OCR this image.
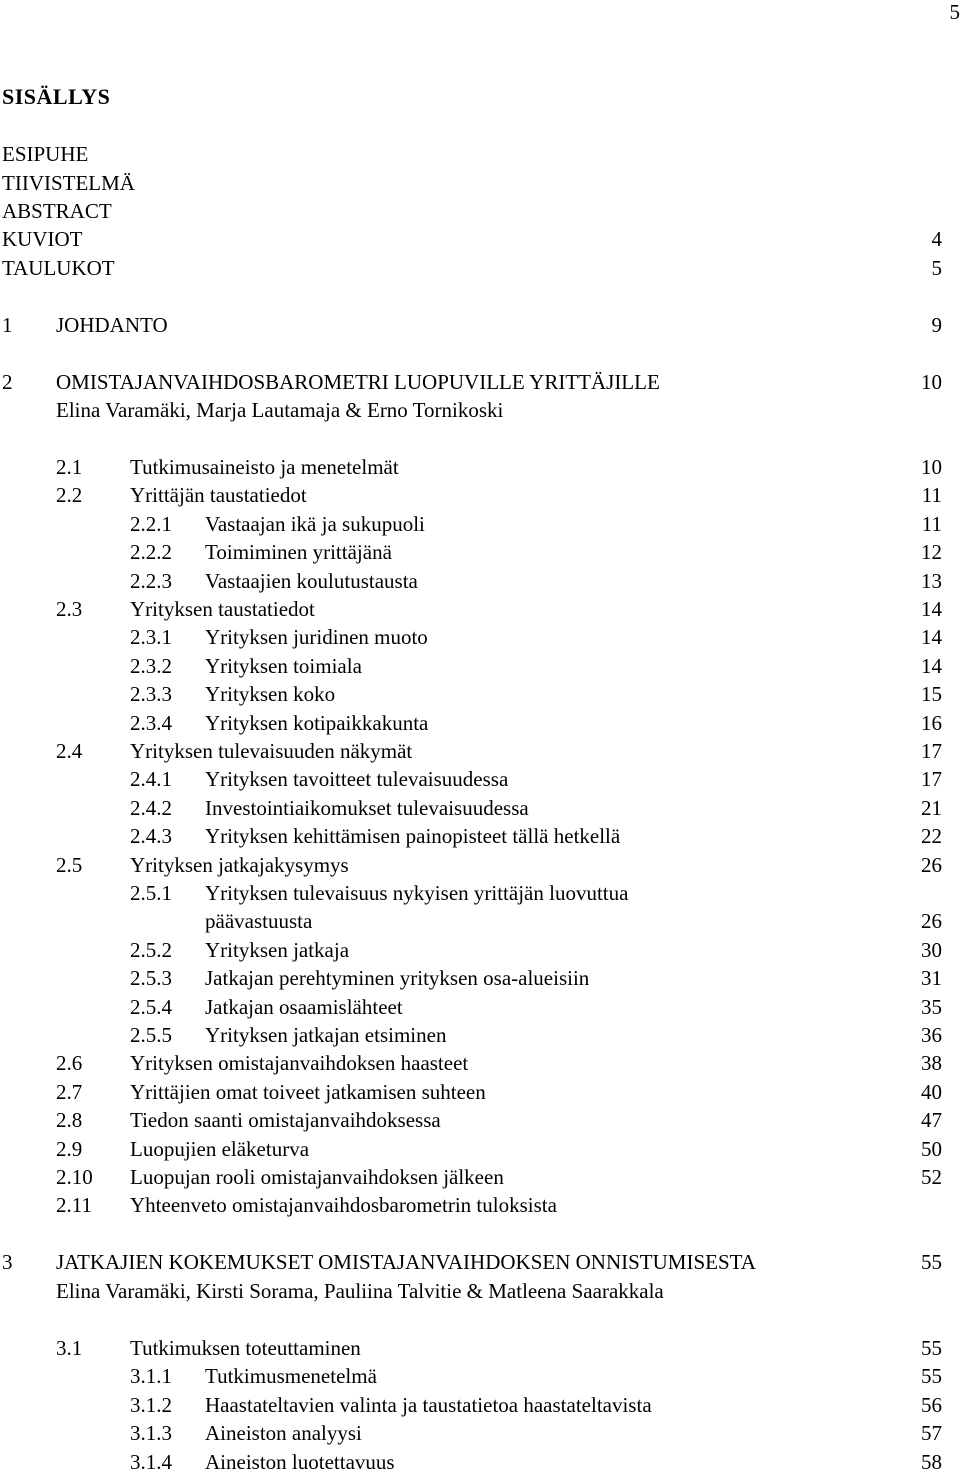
5
SISÄLLYS
ESIPUHE
TIIVISTELMÄ
ABSTRACT
KUVIOT	4
TAULUKOT	5
1 JOHDANTO	9
2 OMISTAJANVAIHDOSBAROMETRI LUOPUVILLE YRITTÄJILLE	10
Elina Varamäki, Marja Lautamaja & Erno Tornikoski
2.1 Tutkimusaineisto ja menetelmät	10
2.2 Yrittäjän taustatiedot	11
2.2.1 Vastaajan ikä ja sukupuoli	11
2.2.2 Toimiminen yrittäjänä	12
2.2.3 Vastaajien koulutustausta	13
2.3 Yrityksen taustatiedot	14
2.3.1 Yrityksen juridinen muoto	14
2.3.2 Yrityksen toimiala	14
2.3.3 Yrityksen koko	15
2.3.4 Yrityksen kotipaikkakunta	16
2.4 Yrityksen tulevaisuuden näkymät	17
2.4.1 Yrityksen tavoitteet tulevaisuudessa	17
2.4.2 Investointiaikomukset tulevaisuudessa	21
2.4.3 Yrityksen kehittämisen painopisteet tällä hetkellä	22
2.5 Yrityksen jatkajakysymys	26
2.5.1 Yrityksen tulevaisuus nykyisen yrittäjän luovuttua
päävastuusta	26
2.5.2 Yrityksen jatkaja	30
2.5.3 Jatkajan perehtyminen yrityksen osa-alueisiin	31
2.5.4 Jatkajan osaamislähteet	35
2.5.5 Yrityksen jatkajan etsiminen	36
2.6 Yrityksen omistajanvaihdoksen haasteet	38
2.7 Yrittäjien omat toiveet jatkamisen suhteen	40
2.8 Tiedon saanti omistajanvaihdoksessa	47
2.9 Luopujien eläketurva	50
2.10 Luopujan rooli omistajanvaihdoksen jälkeen	52
2.11 Yhteenveto omistajanvaihdosbarometrin tuloksista
3 JATKAJIEN KOKEMUKSET OMISTAJANVAIHDOKSEN ONNISTUMISESTA	55
Elina Varamäki, Kirsti Sorama, Pauliina Talvitie & Matleena Saarakkala
3.1 Tutkimuksen toteuttaminen	55
3.1.1 Tutkimusmenetelmä	55
3.1.2 Haastateltavien valinta ja taustatietoa haastateltavista	56
3.1.3 Aineiston analyysi	57
3.1.4 Aineiston luotettavuus	58
